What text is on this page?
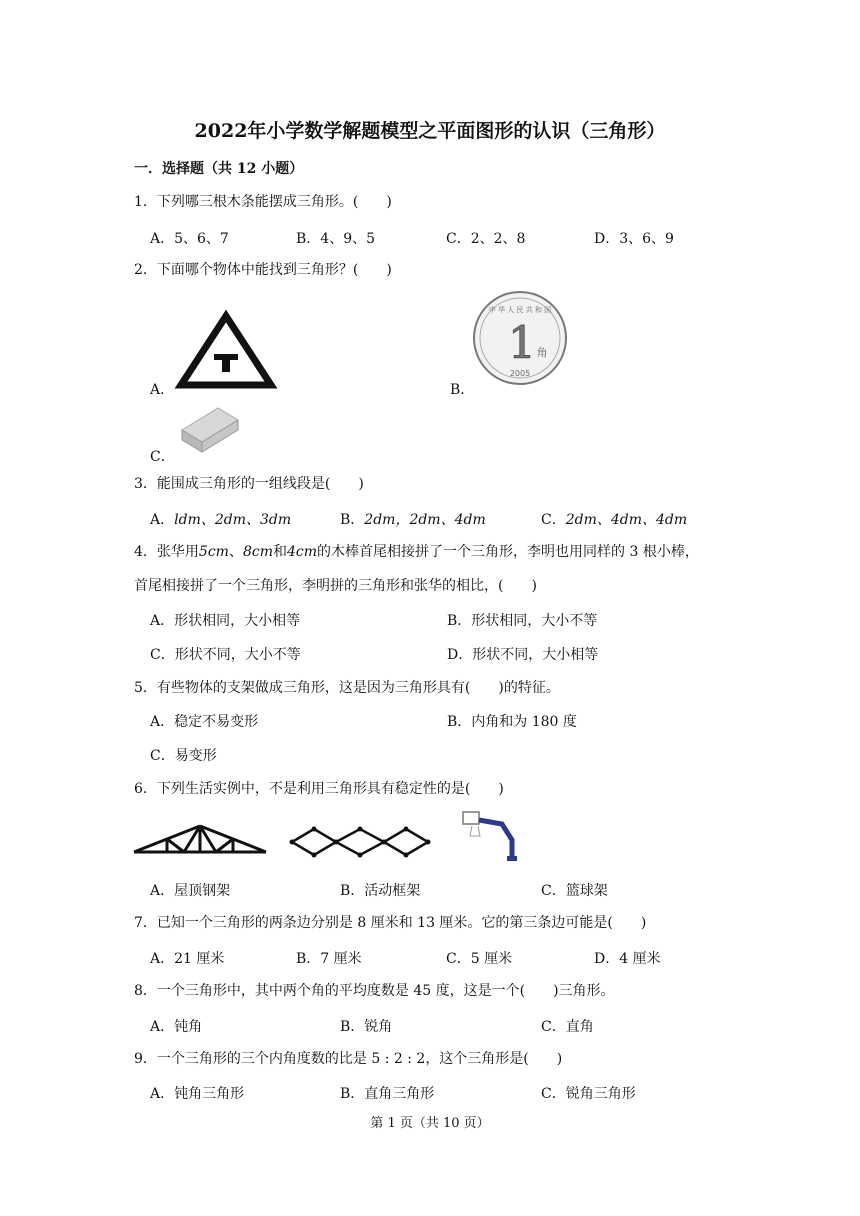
2022年小学数学解题模型之平面图形的认识（三角形）
一．选择题（共 12 小题）
1．下列哪三根木条能摆成三角形。(　　)
A．5、6、7	B．4、9、5	C．2、2、8	D．3、6、9
2．下面哪个物体中能找到三角形？(　　)
A．	B．
中 华 人 民 共 和 国
1 角
2005
C．
3．能围成三角形的一组线段是(　　)
A．ldm、2dm、3dm	B．2dm，2dm、4dm	C．2dm、4dm、4dm
4．张华用5cm、8cm和4cm的木棒首尾相接拼了一个三角形，李明也用同样的 3 根小棒，
首尾相接拼了一个三角形，李明拼的三角形和张华的相比，(　　)
A．形状相同，大小相等	B．形状相同，大小不等
C．形状不同，大小不等	D．形状不同，大小相等
5．有些物体的支架做成三角形，这是因为三角形具有(　　)的特征。
A．稳定不易变形	B．内角和为 180 度
C．易变形
6．下列生活实例中，不是利用三角形具有稳定性的是(　　)
A．屋顶钢架	B．活动框架	C．篮球架
7．已知一个三角形的两条边分别是 8 厘米和 13 厘米。它的第三条边可能是(　　)
A．21 厘米	B．7 厘米	C．5 厘米	D．4 厘米
8．一个三角形中，其中两个角的平均度数是 45 度，这是一个(　　)三角形。
A．钝角	B．锐角	C．直角
9．一个三角形的三个内角度数的比是 5 : 2 : 2，这个三角形是(　　)
A．钝角三角形	B．直角三角形	C．锐角三角形
第 1 页（共 10 页）
